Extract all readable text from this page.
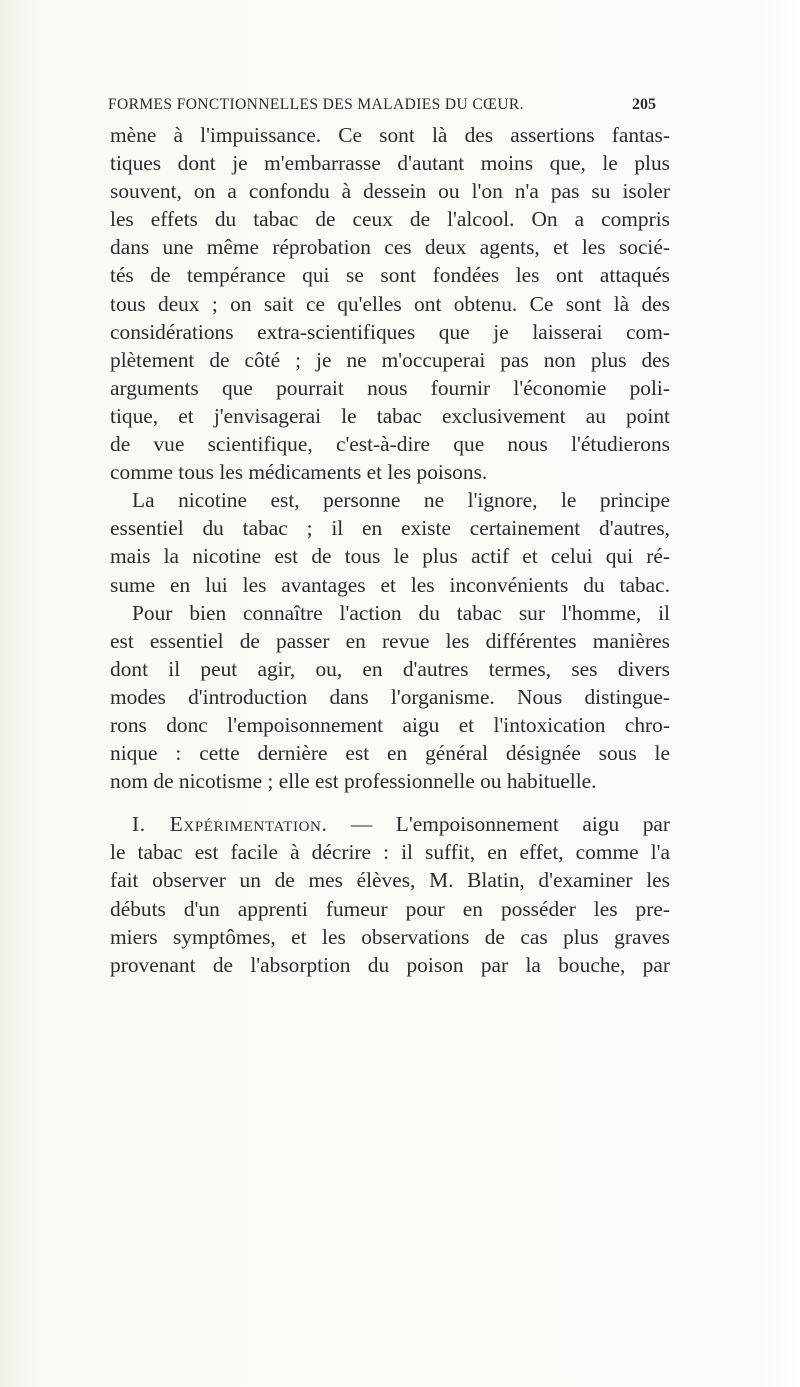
FORMES FONCTIONNELLES DES MALADIES DU CŒUR.	205
mène à l'impuissance. Ce sont là des assertions fantas-
tiques dont je m'embarrasse d'autant moins que, le plus
souvent, on a confondu à dessein ou l'on n'a pas su isoler
les effets du tabac de ceux de l'alcool. On a compris
dans une même réprobation ces deux agents, et les socié-
tés de tempérance qui se sont fondées les ont attaqués
tous deux ; on sait ce qu'elles ont obtenu. Ce sont là des
considérations extra-scientifiques que je laisserai com-
plètement de côté ; je ne m'occuperai pas non plus des
arguments que pourrait nous fournir l'économie poli-
tique, et j'envisagerai le tabac exclusivement au point
de vue scientifique, c'est-à-dire que nous l'étudierons
comme tous les médicaments et les poisons.
La nicotine est, personne ne l'ignore, le principe
essentiel du tabac ; il en existe certainement d'autres,
mais la nicotine est de tous le plus actif et celui qui ré-
sume en lui les avantages et les inconvénients du tabac.
Pour bien connaître l'action du tabac sur l'homme, il
est essentiel de passer en revue les différentes manières
dont il peut agir, ou, en d'autres termes, ses divers
modes d'introduction dans l'organisme. Nous distingue-
rons donc l'empoisonnement aigu et l'intoxication chro-
nique : cette dernière est en général désignée sous le
nom de nicotisme ; elle est professionnelle ou habituelle.
I. Expérimentation. — L'empoisonnement aigu par
le tabac est facile à décrire : il suffit, en effet, comme l'a
fait observer un de mes élèves, M. Blatin, d'examiner les
débuts d'un apprenti fumeur pour en posséder les pre-
miers symptômes, et les observations de cas plus graves
provenant de l'absorption du poison par la bouche, par
